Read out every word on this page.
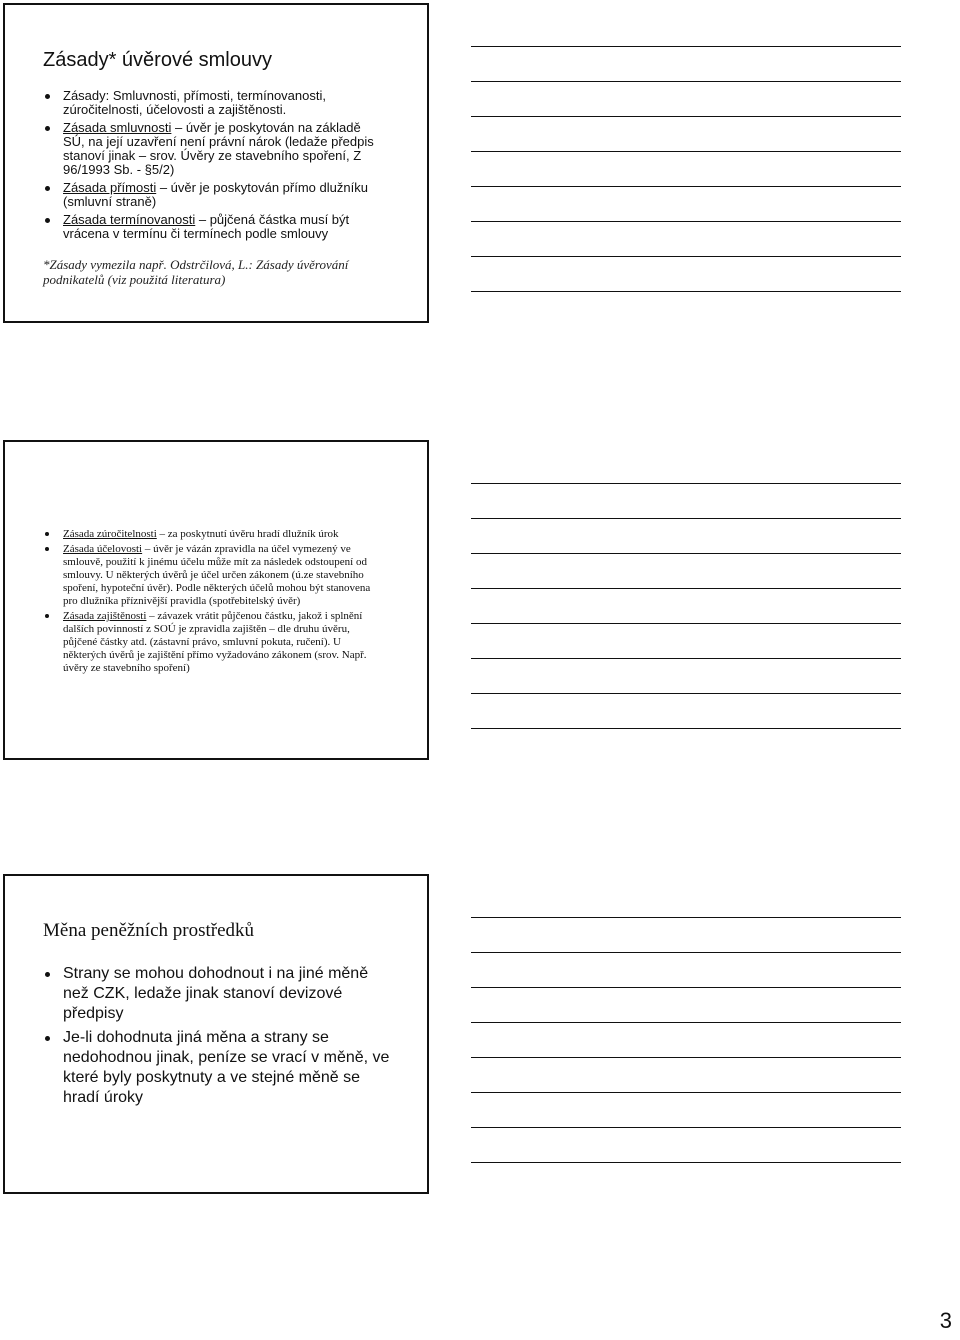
Zásady* úvěrové smlouvy
Zásady: Smluvnosti, přímosti, termínovanosti, zúročitelnosti, účelovosti a zajištěnosti.
Zásada smluvnosti – úvěr je poskytován na základě SÚ, na její uzavření není právní nárok (ledaže předpis stanoví jinak – srov. Úvěry ze stavebního spoření, Z 96/1993 Sb. - §5/2)
Zásada přímosti – úvěr je poskytován přímo dlužníku (smluvní straně)
Zásada termínovanosti – půjčená částka musí být vrácena v termínu či termínech podle smlouvy
*Zásady vymezila např. Odstrčilová, L.: Zásady úvěrování podnikatelů (viz použitá literatura)
Zásada zúročitelnosti – za poskytnutí úvěru hradí dlužník úrok
Zásada účelovosti – úvěr je vázán zpravidla na účel vymezený ve smlouvě, použití k jinému účelu může mít za následek odstoupení od smlouvy. U některých úvěrů je účel určen zákonem (ú.ze stavebního spoření, hypoteční úvěr). Podle některých účelů mohou být stanovena pro dlužníka příznivější pravidla (spotřebitelský úvěr)
Zásada zajištěnosti – závazek vrátit půjčenou částku, jakož i splnění dalších povinností z SOÚ je zpravidla zajištěn – dle druhu úvěru, půjčené částky atd. (zástavní právo, smluvní pokuta, ručení). U některých úvěrů je zajištění přímo vyžadováno zákonem (srov. Např. úvěry ze stavebního spoření)
Měna peněžních prostředků
Strany se mohou dohodnout i na jiné měně než CZK, ledaže jinak stanoví devizové předpisy
Je-li dohodnuta jiná měna a strany se nedohodnou jinak, peníze se vrací v měně, ve které byly poskytnuty a ve stejné měně se hradí úroky
3
